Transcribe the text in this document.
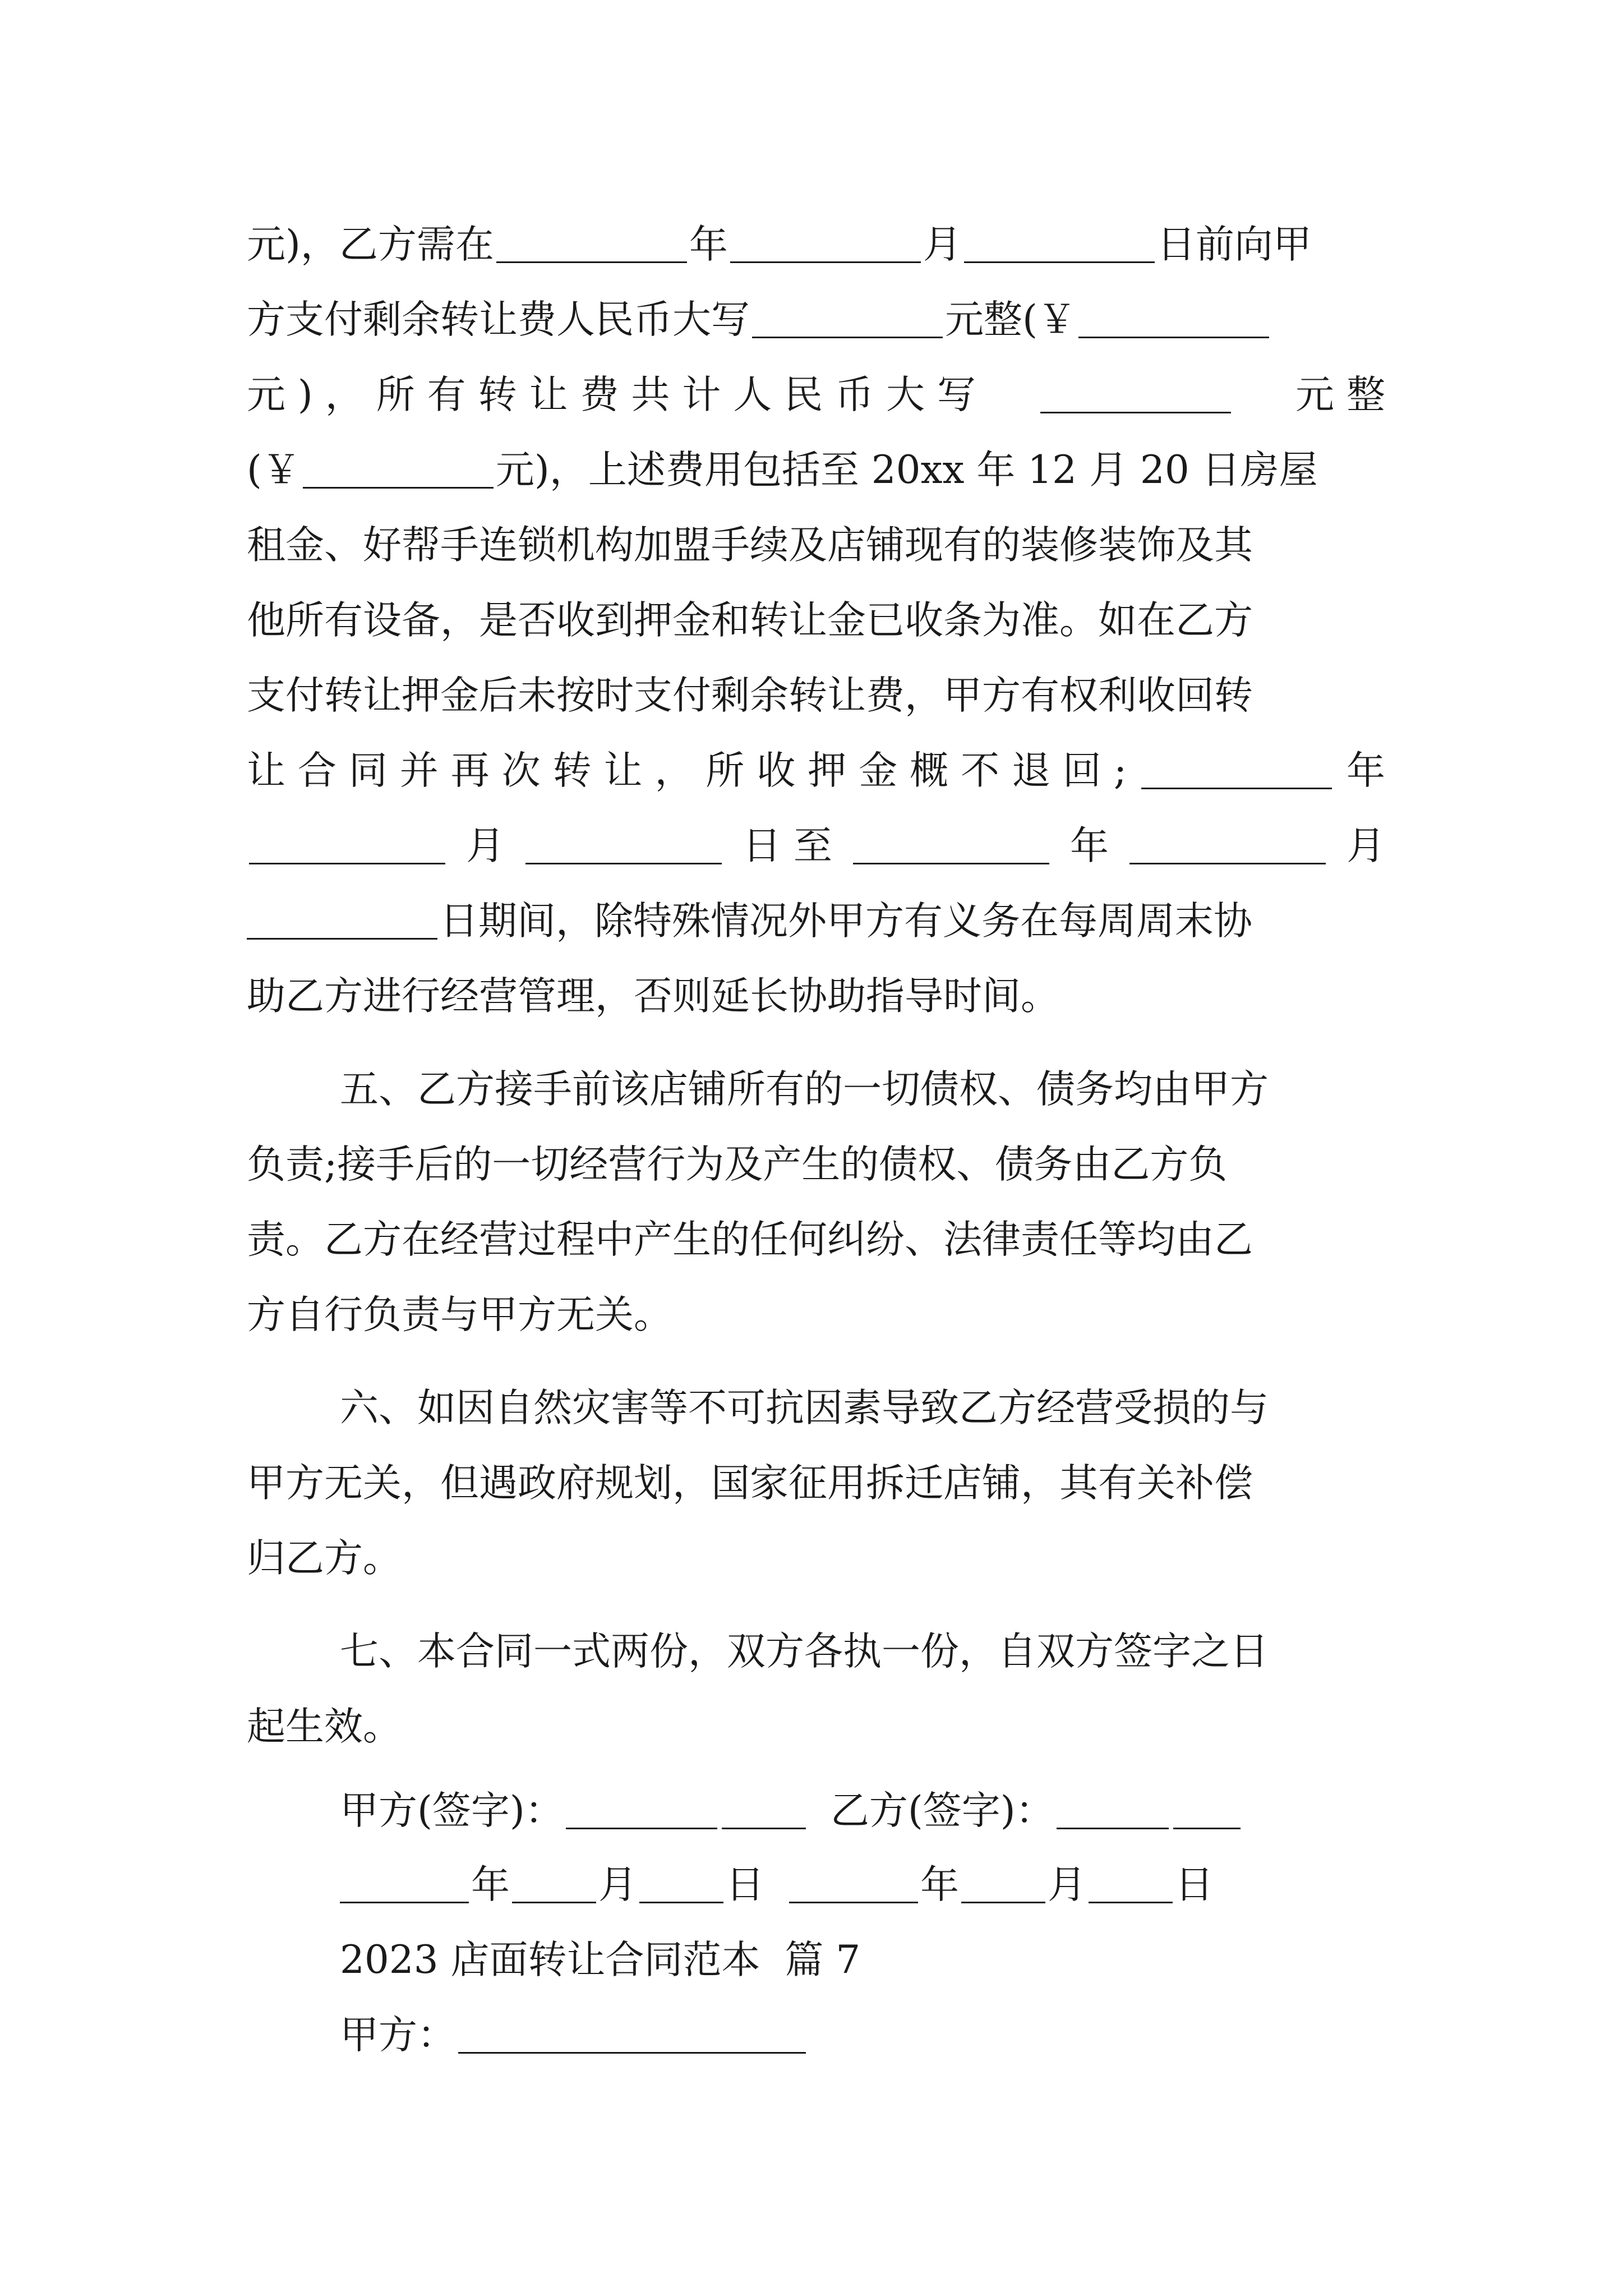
元)，乙方需在	年	月	日前向甲
方支付剩余转让费人民币大写	元整(￥
元 ) ， 所 有 转 让 费 共 计 人 民 币 大 写	元 整
(￥	元)，上述费用包括至 20xx 年 12 月 20 日房屋
租金、好帮手连锁机构加盟手续及店铺现有的装修装饰及其
他所有设备，是否收到押金和转让金已收条为准。如在乙方
支付转让押金后未按时支付剩余转让费，甲方有权利收回转
让 合 同 并 再 次 转 让 ， 所 收 押 金 概 不 退 回 ;	年
月	日 至	年	月
日期间，除特殊情况外甲方有义务在每周周末协
助乙方进行经营管理，否则延长协助指导时间。
五、乙方接手前该店铺所有的一切债权、债务均由甲方
负责;接手后的一切经营行为及产生的债权、债务由乙方负
责。乙方在经营过程中产生的任何纠纷、法律责任等均由乙
方自行负责与甲方无关。
六、如因自然灾害等不可抗因素导致乙方经营受损的与
甲方无关，但遇政府规划，国家征用拆迁店铺，其有关补偿
归乙方。
七、本合同一式两份，双方各执一份，自双方签字之日
起生效。
甲方(签字)：	乙方(签字)：
年 月 日	年 月 日
2023 店面转让合同范本  篇 7
甲方：
